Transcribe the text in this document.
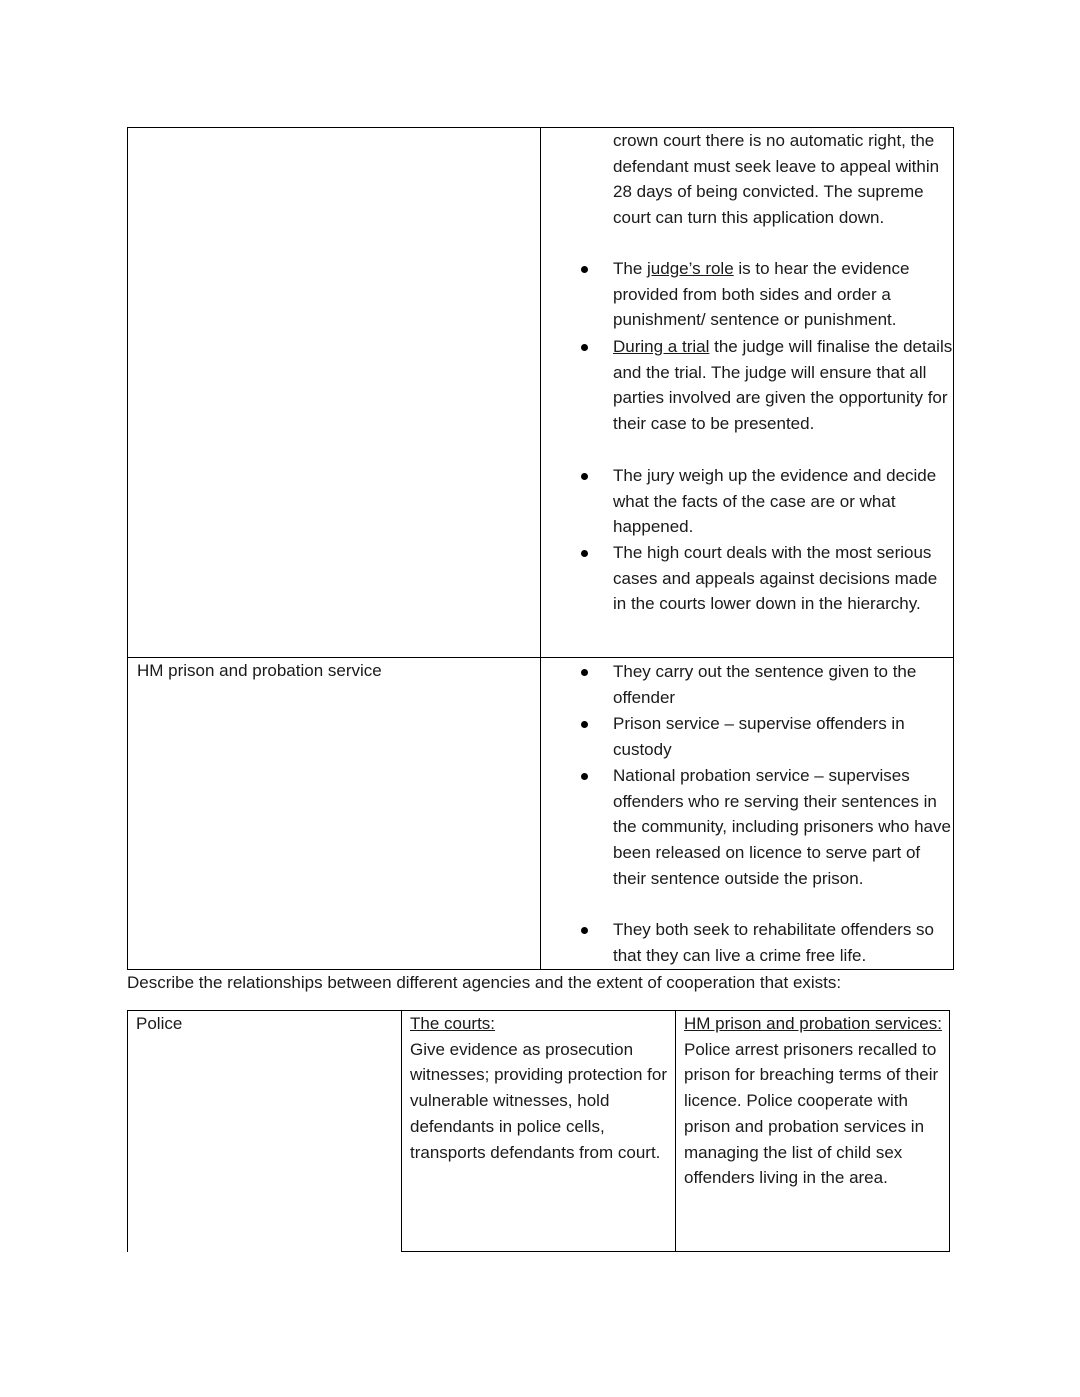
crown court there is no automatic right, the defendant must seek leave to appeal within 28 days of being convicted. The supreme court can turn this application down.
The judge’s role is to hear the evidence provided from both sides and order a punishment/ sentence or punishment.
During a trial the judge will finalise the details and the trial. The judge will ensure that all parties involved are given the opportunity for their case to be presented.
The jury weigh up the evidence and decide what the facts of the case are or what happened.
The high court deals with the most serious cases and appeals against decisions made in the courts lower down in the hierarchy.
HM prison and probation service	They carry out the sentence given to the offender
Prison service – supervise offenders in custody
National probation service – supervises offenders who re serving their sentences in the community, including prisoners who have been released on licence to serve part of their sentence outside the prison.
They both seek to rehabilitate offenders so that they can live a crime free life.
Describe the relationships between different agencies and the extent of cooperation that exists:
Police	The courts:
Give evidence as prosecution witnesses; providing protection for vulnerable witnesses, hold defendants in police cells, transports defendants from court.
HM prison and probation services:
Police arrest prisoners recalled to prison for breaching terms of their licence. Police cooperate with prison and probation services in managing the list of child sex offenders living in the area.
